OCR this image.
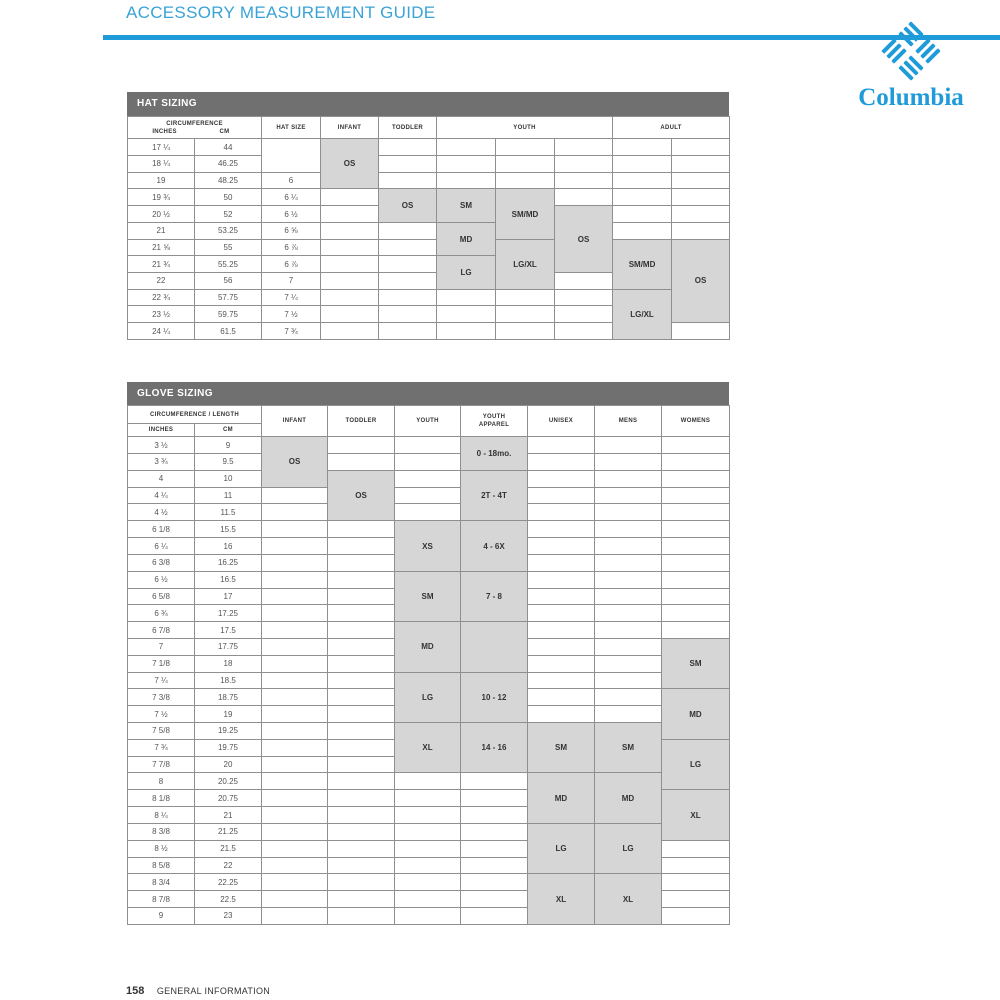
ACCESSORY MEASUREMENT GUIDE
Columbia
HAT SIZING
CIRCUMFERENCE
INCHES CM		HAT SIZE	INFANT	TODDLER	YOUTH			ADULT	
17 ¼	44		OS						
18 ¼	46.25								
19	48.25	6							
19 ¾	50	6 ¼		OS	SM	SM/MD			
20 ½	52	6 ½					OS		
21	53.25	6 ⅝			MD				
21 ⅝	55	6 ⅞				LG/XL		SM/MD	OS
21 ¾	55.25	6 ⅞			LG				
22	56	7							
22 ¾	57.75	7 ¼						LG/XL	
23 ½	59.75	7 ½							
24 ¼	61.5	7 ¾							
GLOVE SIZING
CIRCUMFERENCE / LENGTH		INFANT	TODDLER	YOUTH	YOUTH APPAREL	UNISEX	MENS	WOMENS
INCHES	CM							
3 ½	9	OS			0 - 18mo.			
3 ¾	9.5							
4	10		OS		2T - 4T			
4 ¼	11							
4 ½	11.5							
6 1/8	15.5			XS	4 - 6X			
6 ¼	16							
6 3/8	16.25							
6 ½	16.5			SM	7 - 8			
6 5/8	17							
6 ¾	17.25							
6 7/8	17.5			MD				
7	17.75							SM
7 1/8	18							
7 ¼	18.5			LG	10 - 12			
7 3/8	18.75							MD
7 ½	19							
7 5/8	19.25			XL	14 - 16	SM	SM	
7 ¾	19.75							LG
7 7/8	20							
8	20.25					MD	MD	
8 1/8	20.75							XL
8 ¼	21							
8 3/8	21.25					LG	LG	
8 ½	21.5							
8 5/8	22							
8 3/4	22.25					XL	XL	
8 7/8	22.5							
9	23							
158 GENERAL INFORMATION
